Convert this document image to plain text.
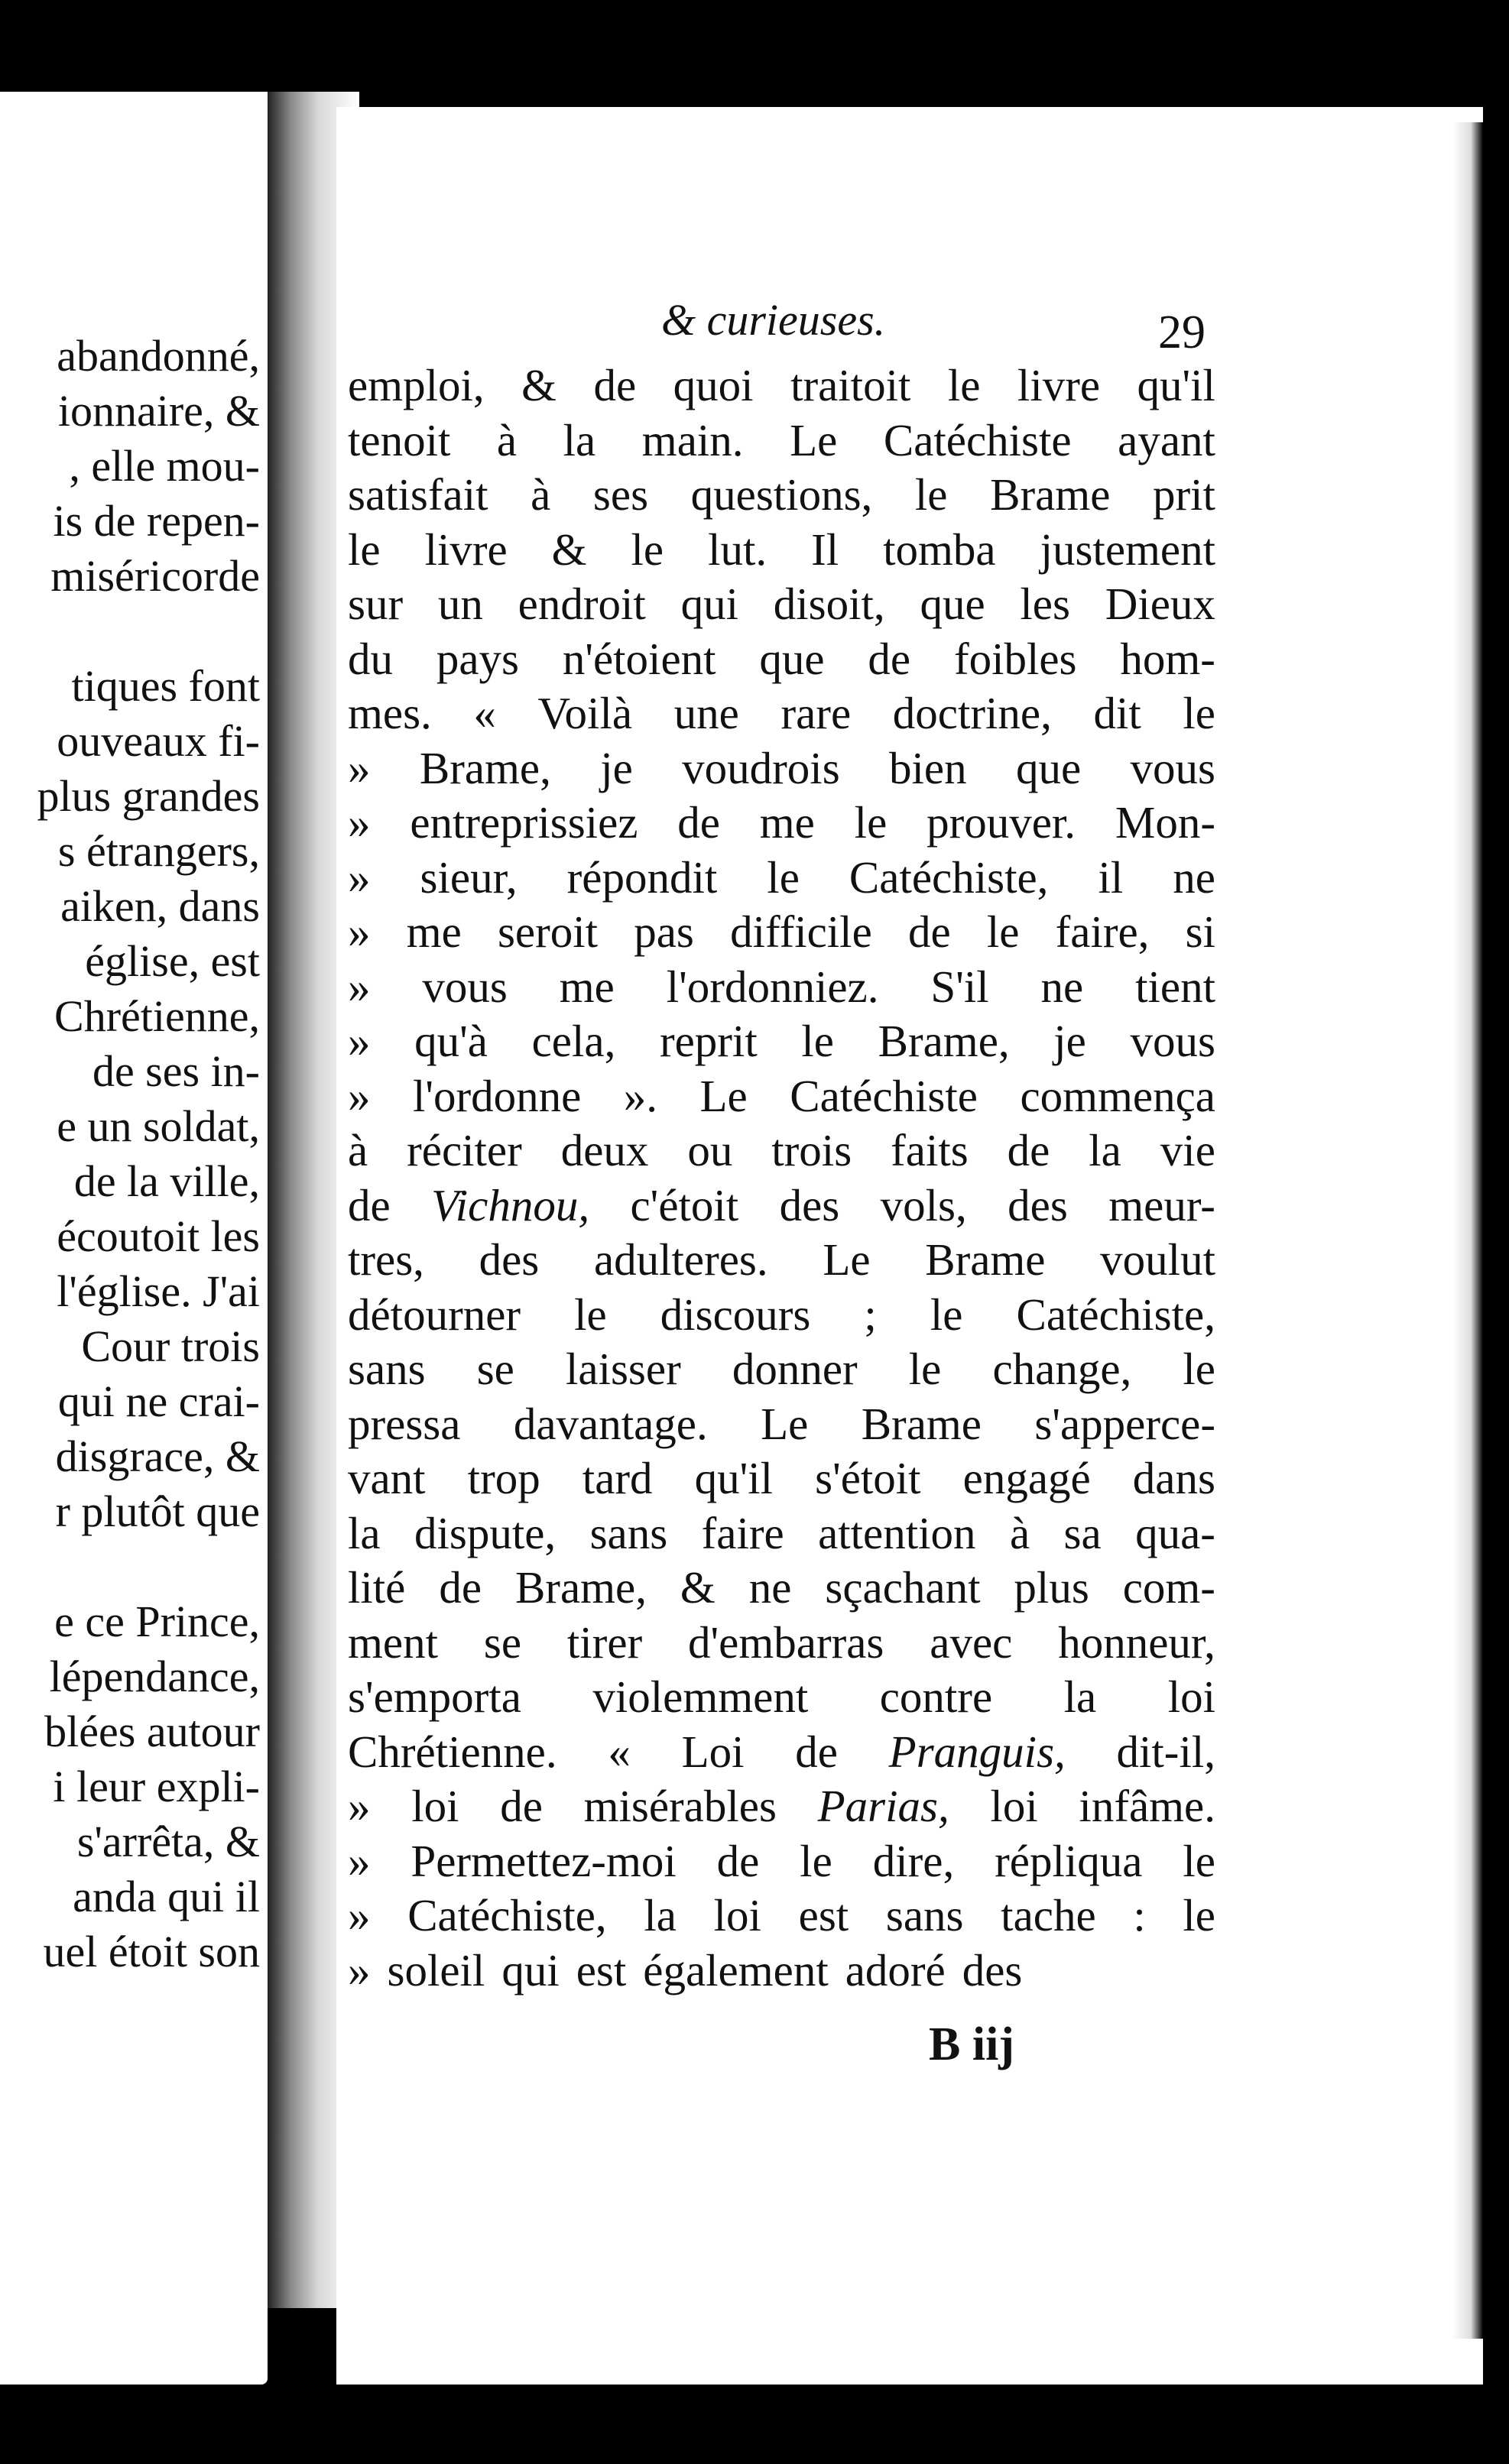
abandonné,
ionnaire, &
, elle mou-
is de repen-
miséricorde
tiques font
ouveaux fi-
plus grandes
s étrangers,
aiken, dans
église, est
Chrétienne,
de ses in-
e un soldat,
de la ville,
écoutoit les
l'église. J'ai
Cour trois
qui ne crai-
disgrace, &
r plutôt que
e ce Prince,
lépendance,
blées autour
i leur expli-
s'arrêta, &
anda qui il
uel étoit son
& curieuses.	29
emploi, & de quoi traitoit le livre qu'il
tenoit à la main. Le Catéchiste ayant
satisfait à ses questions, le Brame prit
le livre & le lut. Il tomba justement
sur un endroit qui disoit, que les Dieux
du pays n'étoient que de foibles hom-
mes. « Voilà une rare doctrine, dit le
» Brame, je voudrois bien que vous
» entreprissiez de me le prouver. Mon-
» sieur, répondit le Catéchiste, il ne
» me seroit pas difficile de le faire, si
» vous me l'ordonniez. S'il ne tient
» qu'à cela, reprit le Brame, je vous
» l'ordonne ». Le Catéchiste commença
à réciter deux ou trois faits de la vie
de Vichnou, c'étoit des vols, des meur-
tres, des adulteres. Le Brame voulut
détourner le discours ; le Catéchiste,
sans se laisser donner le change, le
pressa davantage. Le Brame s'apperce-
vant trop tard qu'il s'étoit engagé dans
la dispute, sans faire attention à sa qua-
lité de Brame, & ne sçachant plus com-
ment se tirer d'embarras avec honneur,
s'emporta violemment contre la loi
Chrétienne. « Loi de Pranguis, dit-il,
» loi de misérables Parias, loi infâme.
» Permettez-moi de le dire, répliqua le
» Catéchiste, la loi est sans tache : le
» soleil qui est également adoré des
B iij
